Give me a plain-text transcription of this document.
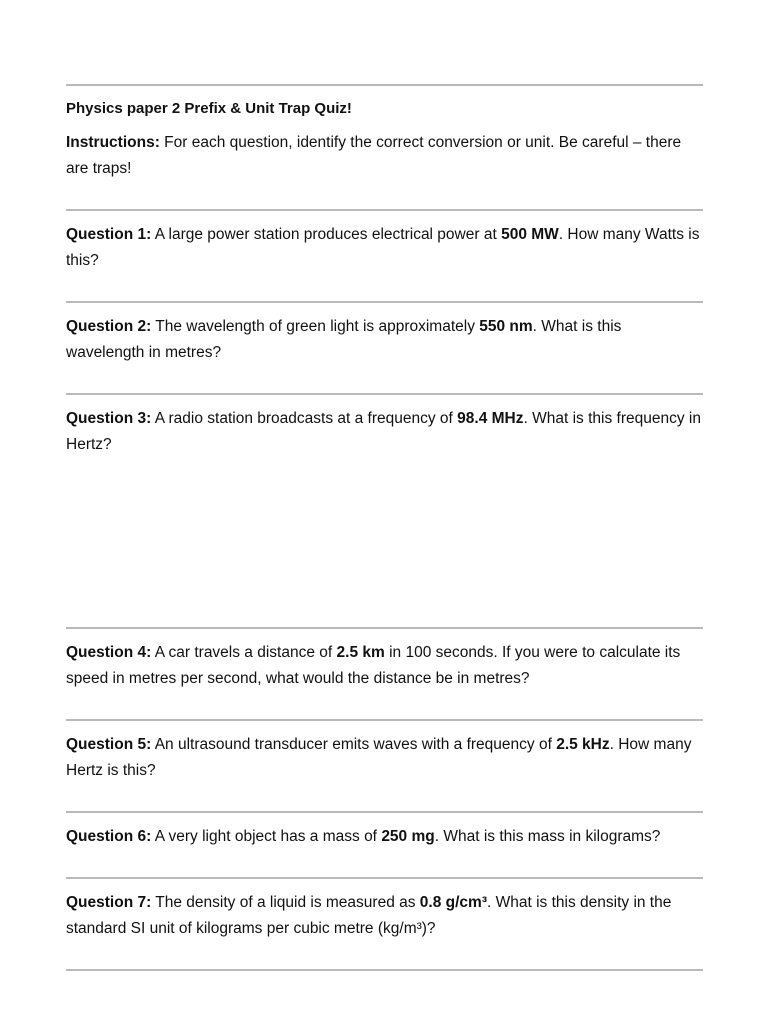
Physics paper 2 Prefix & Unit Trap Quiz!
Instructions: For each question, identify the correct conversion or unit. Be careful – there are traps!
Question 1: A large power station produces electrical power at 500 MW. How many Watts is this?
Question 2: The wavelength of green light is approximately 550 nm. What is this wavelength in metres?
Question 3: A radio station broadcasts at a frequency of 98.4 MHz. What is this frequency in Hertz?
Question 4: A car travels a distance of 2.5 km in 100 seconds. If you were to calculate its speed in metres per second, what would the distance be in metres?
Question 5: An ultrasound transducer emits waves with a frequency of 2.5 kHz. How many Hertz is this?
Question 6: A very light object has a mass of 250 mg. What is this mass in kilograms?
Question 7: The density of a liquid is measured as 0.8 g/cm³. What is this density in the standard SI unit of kilograms per cubic metre (kg/m³)?
